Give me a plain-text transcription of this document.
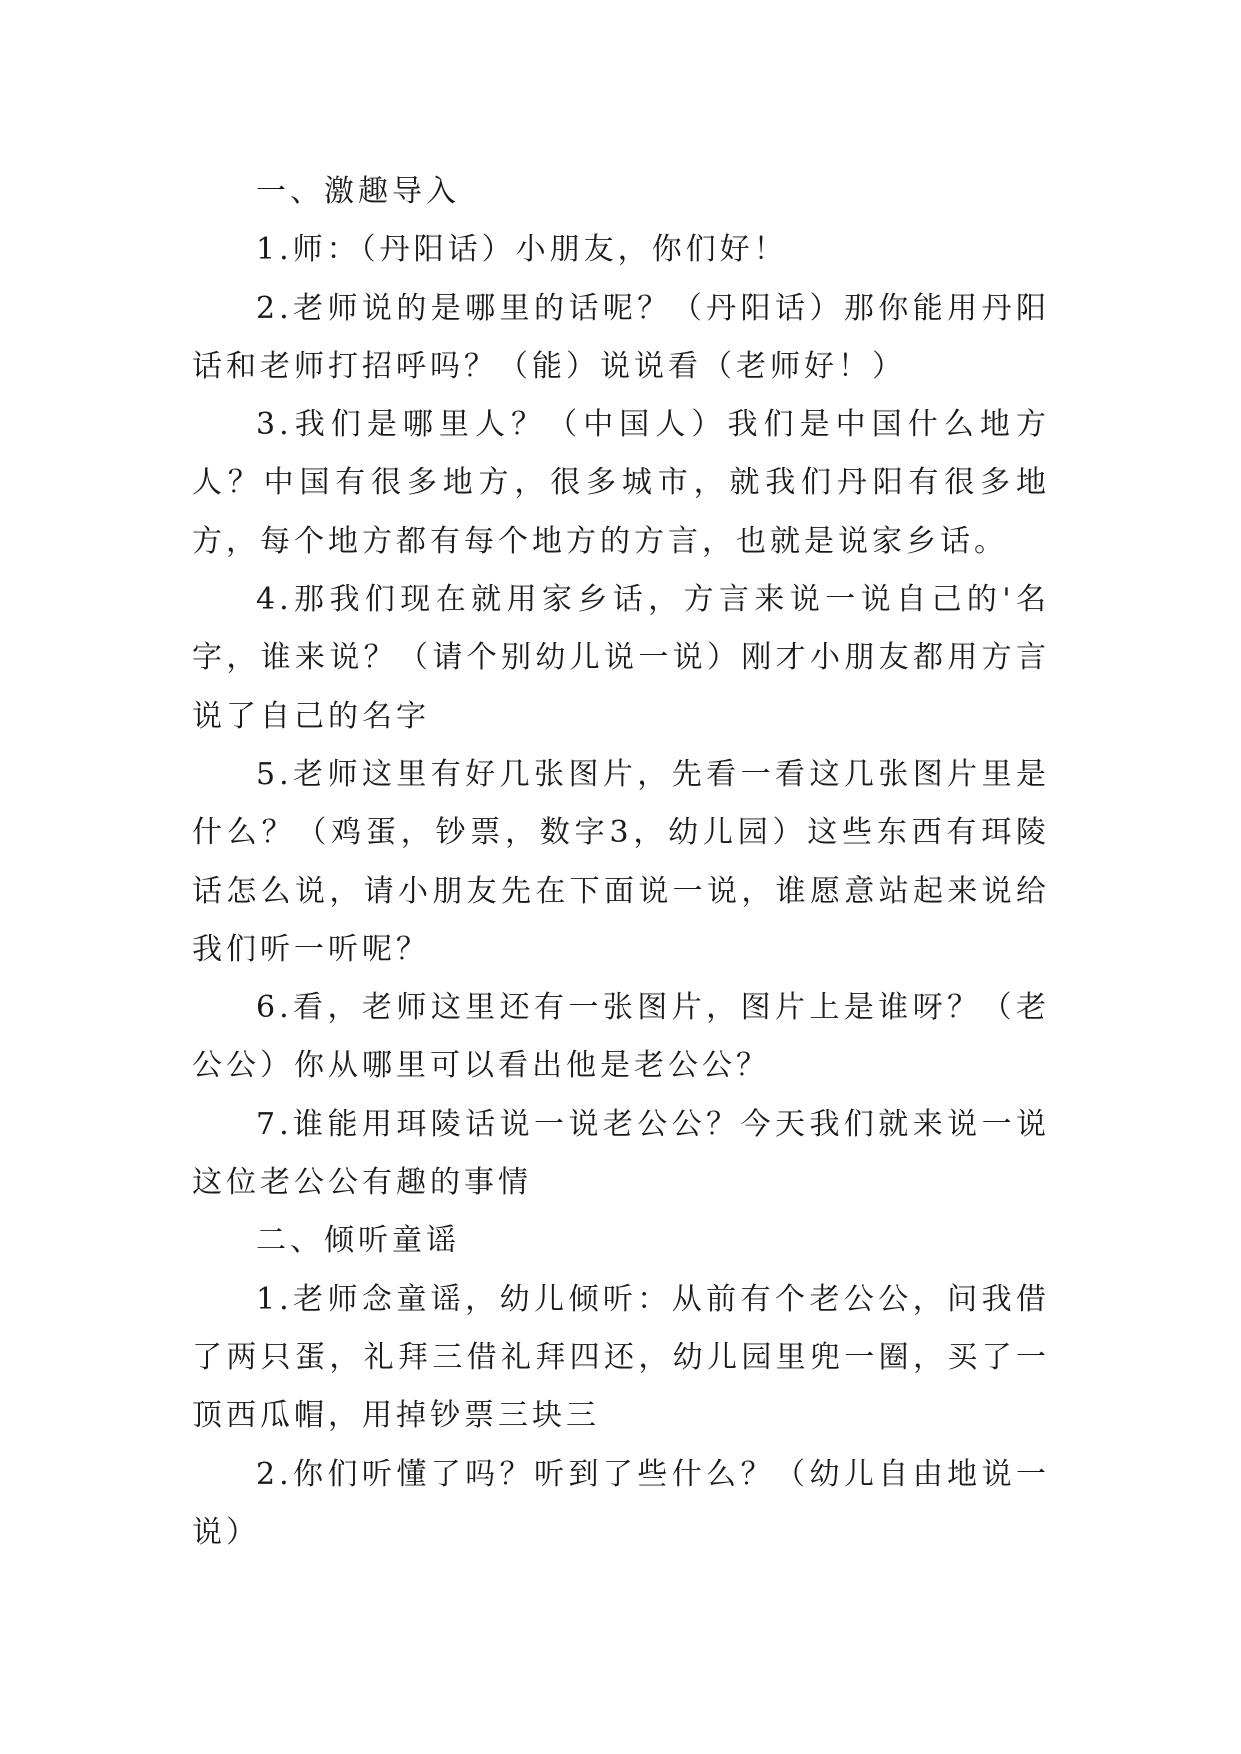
一、激趣导入

1.师：（丹阳话）小朋友，你们好！

2.老师说的是哪里的话呢？（丹阳话）那你能用丹阳话和老师打招呼吗？（能）说说看（老师好！）

3.我们是哪里人？（中国人）我们是中国什么地方人？中国有很多地方，很多城市，就我们丹阳有很多地方，每个地方都有每个地方的方言，也就是说家乡话。

4.那我们现在就用家乡话，方言来说一说自己的'名字，谁来说？（请个别幼儿说一说）刚才小朋友都用方言说了自己的名字

5.老师这里有好几张图片，先看一看这几张图片里是什么？（鸡蛋，钞票，数字3，幼儿园）这些东西有珥陵话怎么说，请小朋友先在下面说一说，谁愿意站起来说给我们听一听呢？

6.看，老师这里还有一张图片，图片上是谁呀？（老公公）你从哪里可以看出他是老公公？

7.谁能用珥陵话说一说老公公？今天我们就来说一说这位老公公有趣的事情

二、倾听童谣

1.老师念童谣，幼儿倾听：从前有个老公公，问我借了两只蛋，礼拜三借礼拜四还，幼儿园里兜一圈，买了一顶西瓜帽，用掉钞票三块三

2.你们听懂了吗？听到了些什么？（幼儿自由地说一说）
